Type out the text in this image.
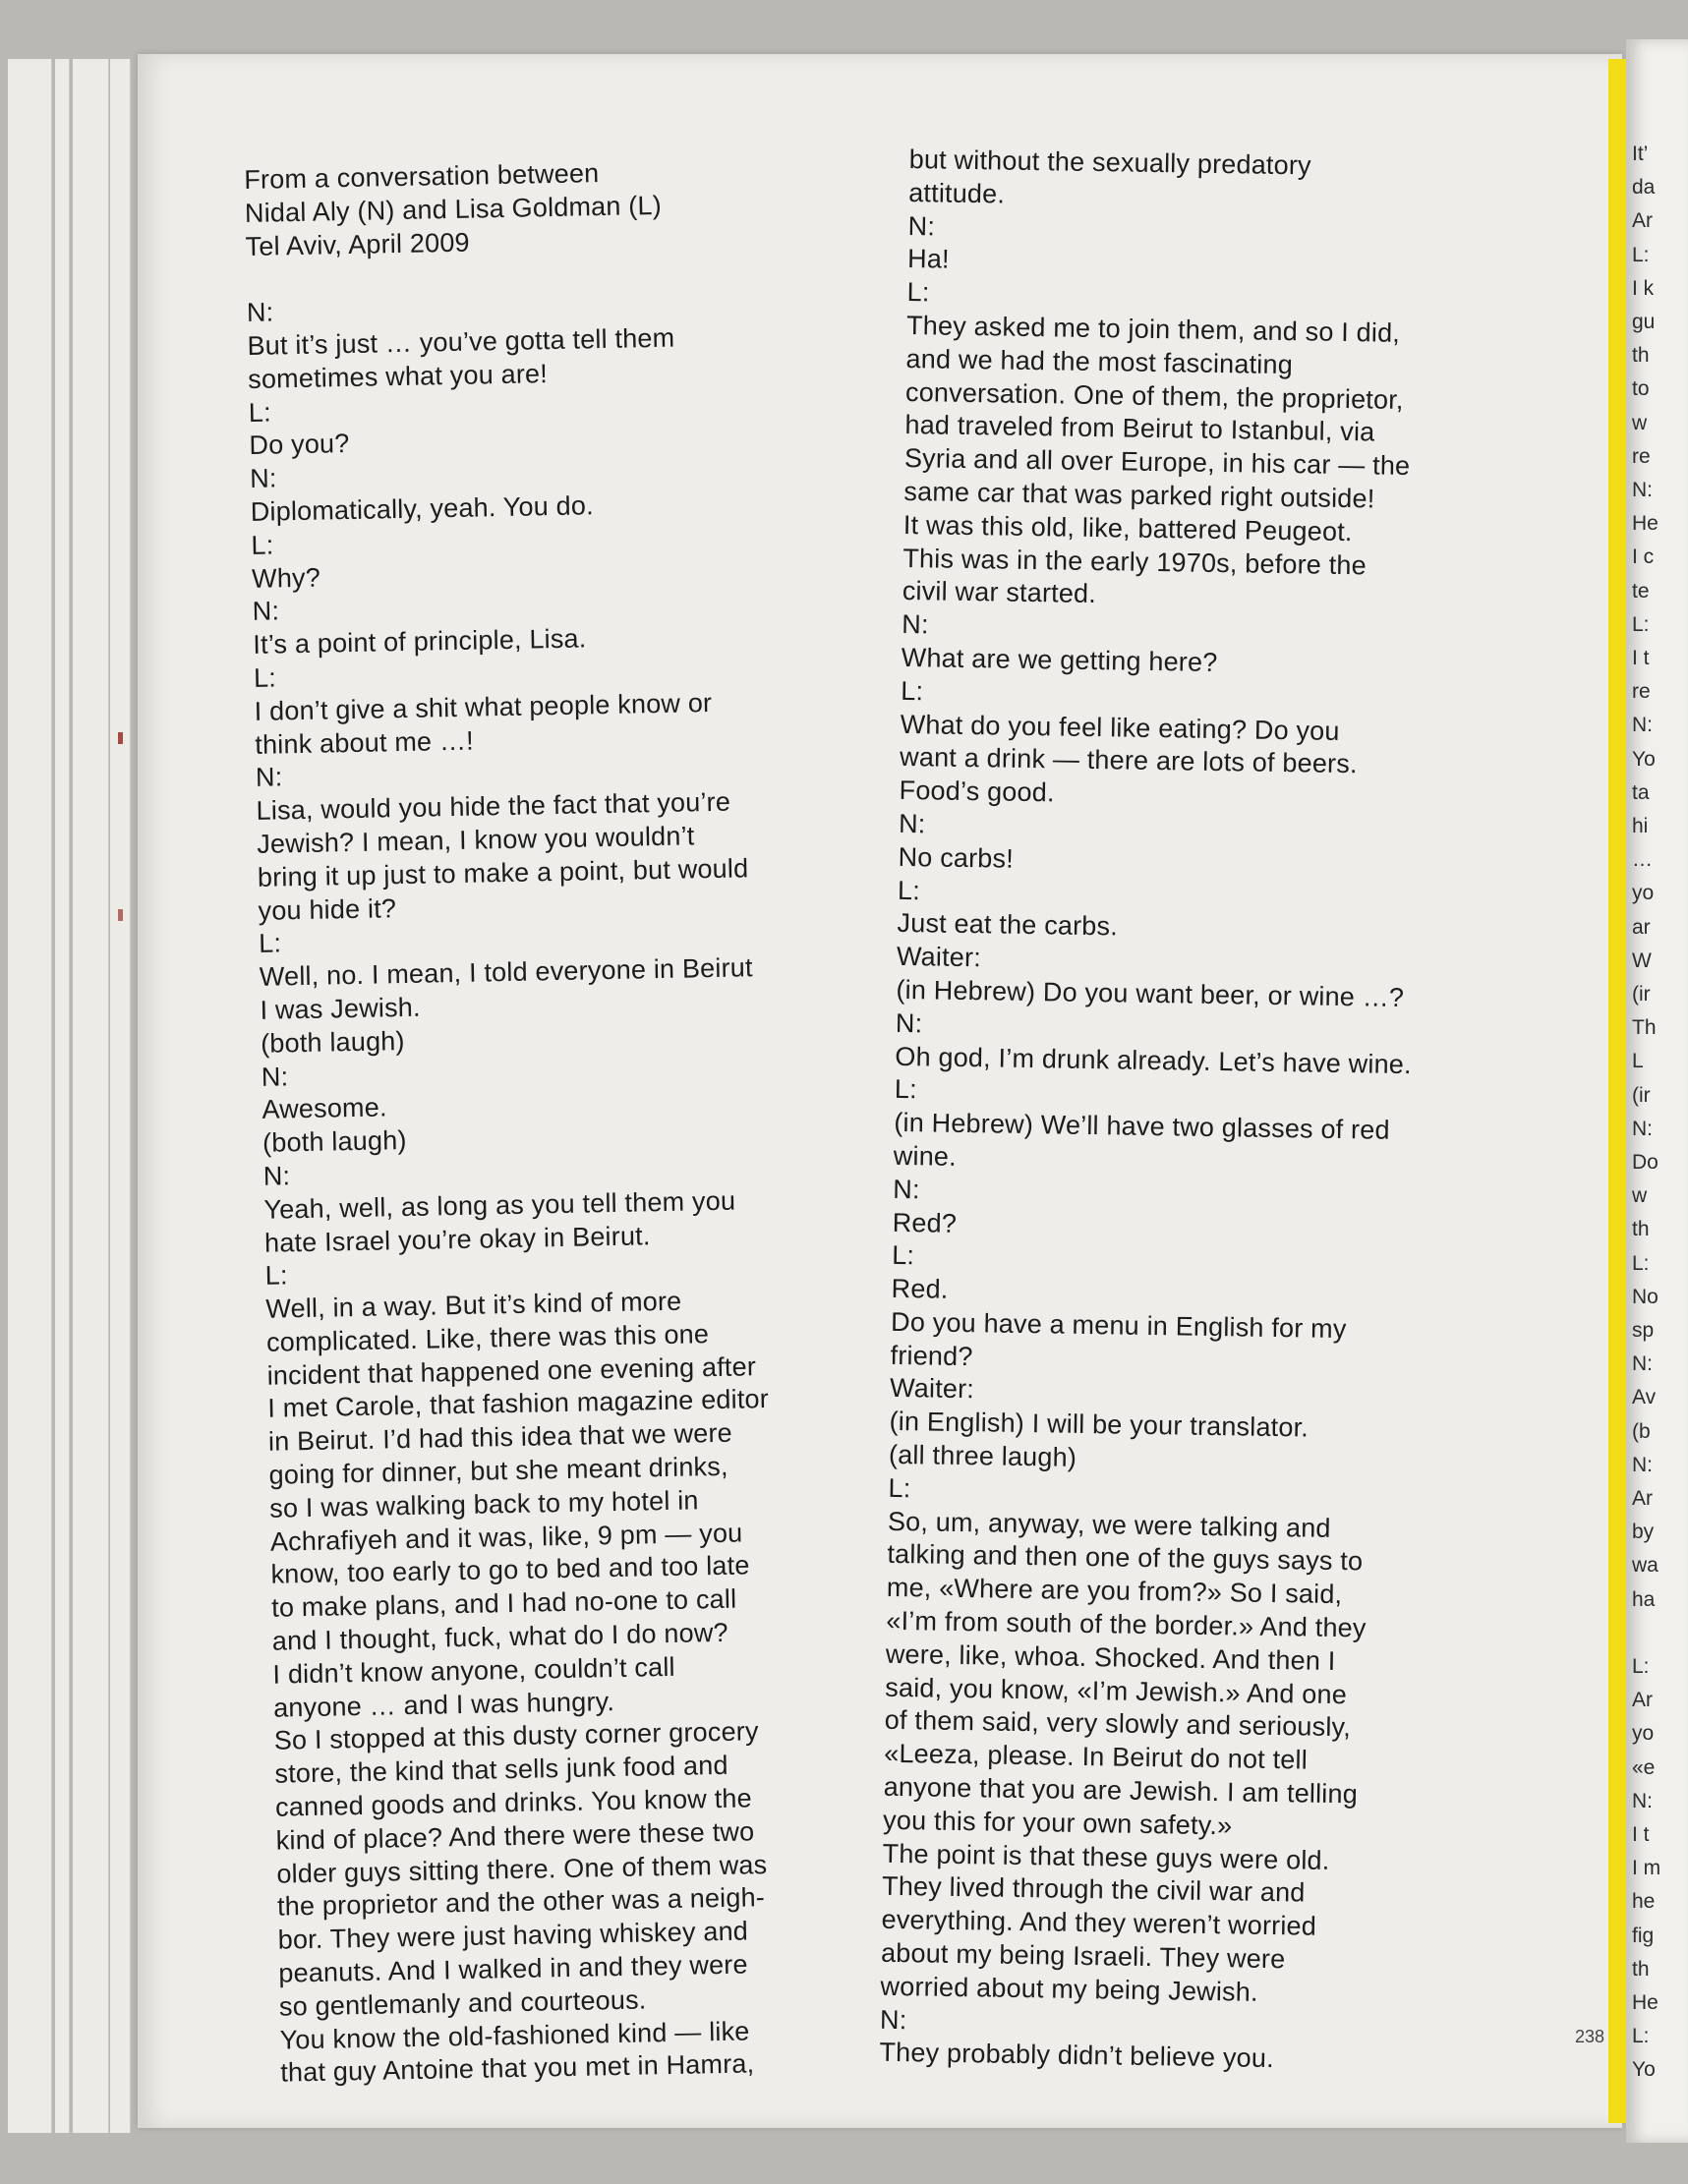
From a conversation between
Nidal Aly (N) and Lisa Goldman (L)
Tel Aviv, April 2009
N:
But it’s just … you’ve gotta tell them
sometimes what you are!
L:
Do you?
N:
Diplomatically, yeah. You do.
L:
Why?
N:
It’s a point of principle, Lisa.
L:
I don’t give a shit what people know or
think about me …!
N:
Lisa, would you hide the fact that you’re
Jewish? I mean, I know you wouldn’t
bring it up just to make a point, but would
you hide it?
L:
Well, no. I mean, I told everyone in Beirut
I was Jewish.
(both laugh)
N:
Awesome.
(both laugh)
N:
Yeah, well, as long as you tell them you
hate Israel you’re okay in Beirut.
L:
Well, in a way. But it’s kind of more
complicated. Like, there was this one
incident that happened one evening after
I met Carole, that fashion magazine editor
in Beirut. I’d had this idea that we were
going for dinner, but she meant drinks,
so I was walking back to my hotel in
Achrafiyeh and it was, like, 9 pm — you
know, too early to go to bed and too late
to make plans, and I had no-one to call
and I thought, fuck, what do I do now?
I didn’t know anyone, couldn’t call
anyone … and I was hungry.
So I stopped at this dusty corner grocery
store, the kind that sells junk food and
canned goods and drinks. You know the
kind of place? And there were these two
older guys sitting there. One of them was
the proprietor and the other was a neigh-
bor. They were just having whiskey and
peanuts. And I walked in and they were
so gentlemanly and courteous.
You know the old-fashioned kind — like
that guy Antoine that you met in Hamra,
but without the sexually predatory
attitude.
N:
Ha!
L:
They asked me to join them, and so I did,
and we had the most fascinating
conversation. One of them, the proprietor,
had traveled from Beirut to Istanbul, via
Syria and all over Europe, in his car — the
same car that was parked right outside!
It was this old, like, battered Peugeot.
This was in the early 1970s, before the
civil war started.
N:
What are we getting here?
L:
What do you feel like eating? Do you
want a drink — there are lots of beers.
Food’s good.
N:
No carbs!
L:
Just eat the carbs.
Waiter:
(in Hebrew) Do you want beer, or wine …?
N:
Oh god, I’m drunk already. Let’s have wine.
L:
(in Hebrew) We’ll have two glasses of red
wine.
N:
Red?
L:
Red.
Do you have a menu in English for my
friend?
Waiter:
(in English) I will be your translator.
(all three laugh)
L:
So, um, anyway, we were talking and
talking and then one of the guys says to
me, «Where are you from?» So I said,
«I’m from south of the border.» And they
were, like, whoa. Shocked. And then I
said, you know, «I’m Jewish.» And one
of them said, very slowly and seriously,
«Leeza, please. In Beirut do not tell
anyone that you are Jewish. I am telling
you this for your own safety.»
The point is that these guys were old.
They lived through the civil war and
everything. And they weren’t worried
about my being Israeli. They were
worried about my being Jewish.
N:
They probably didn’t believe you.
238
It’
da
Ar
L:
I k
gu
th
to
w
re
N:
He
I c
te
L:
I t
re
N:
Yo
ta
hi
…
yo
ar
W
(ir
Th
L
(ir
N:
Do
w
th
L:
No
sp
N:
Av
(b
N:
Ar
by
wa
ha
L:
Ar
yo
«e
N:
I t
I m
he
fig
th
He
L:
Yo
